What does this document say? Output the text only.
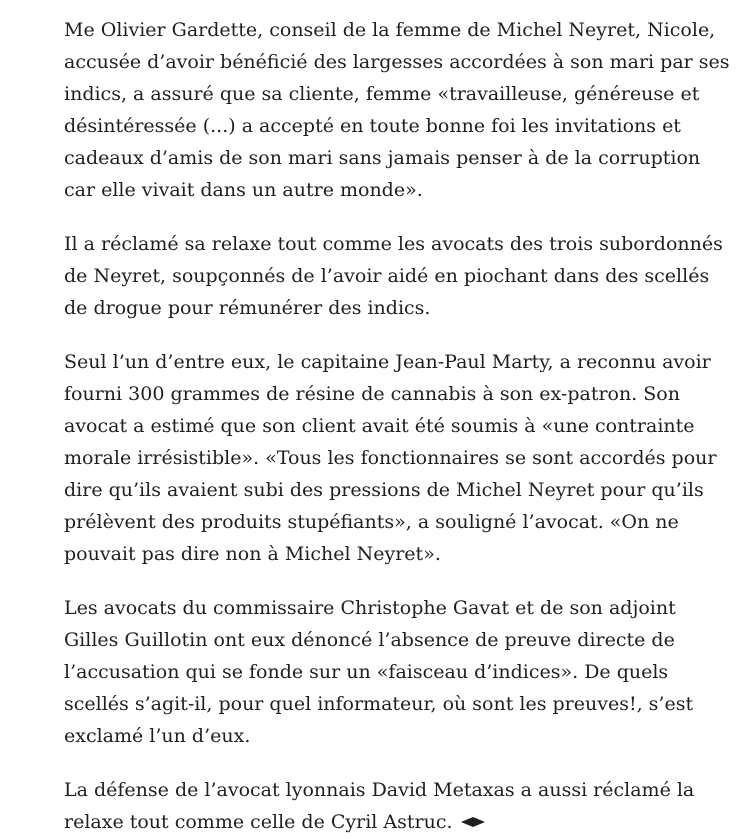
Me Olivier Gardette, conseil de la femme de Michel Neyret, Nicole, accusée d’avoir bénéficié des largesses accordées à son mari par ses indics, a assuré que sa cliente, femme «travailleuse, généreuse et désintéressée (...) a accepté en toute bonne foi les invitations et cadeaux d’amis de son mari sans jamais penser à de la corruption car elle vivait dans un autre monde».

Il a réclamé sa relaxe tout comme les avocats des trois subordonnés de Neyret, soupçonnés de l’avoir aidé en piochant dans des scellés de drogue pour rémunérer des indics.

Seul l’un d’entre eux, le capitaine Jean-Paul Marty, a reconnu avoir fourni 300 grammes de résine de cannabis à son ex-patron. Son avocat a estimé que son client avait été soumis à «une contrainte morale irrésistible». «Tous les fonctionnaires se sont accordés pour dire qu’ils avaient subi des pressions de Michel Neyret pour qu’ils prélèvent des produits stupéfiants», a souligné l’avocat. «On ne pouvait pas dire non à Michel Neyret».

Les avocats du commissaire Christophe Gavat et de son adjoint Gilles Guillotin ont eux dénoncé l’absence de preuve directe de l’accusation qui se fonde sur un «faisceau d’indices». De quels scellés s’agit-il, pour quel informateur, où sont les preuves!, s’est exclamé l’un d’eux.

La défense de l’avocat lyonnais David Metaxas a aussi réclamé la relaxe tout comme celle de Cyril Astruc.
